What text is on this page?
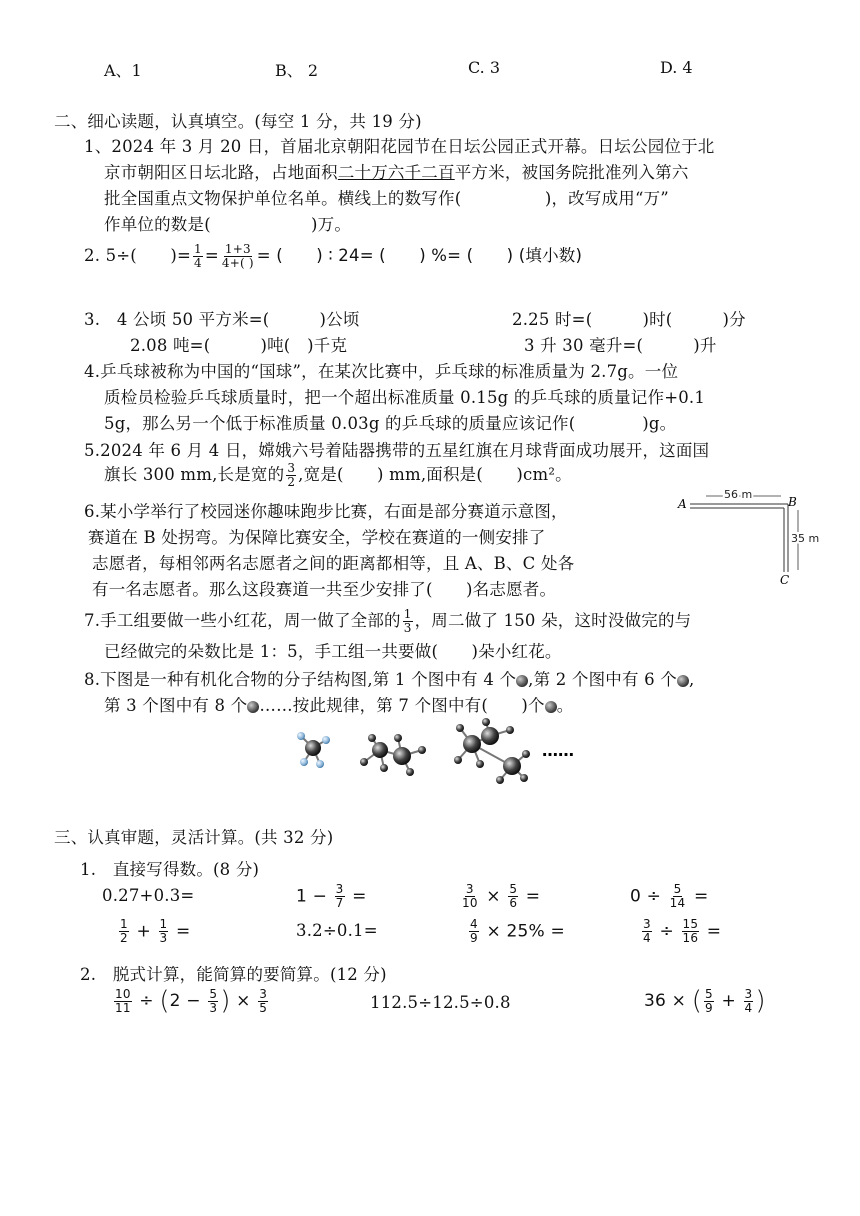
A、1	B、 2	C. 3	D. 4
二、细心读题，认真填空。(每空 1 分，共 19 分)
1、2024 年 3 月 20 日，首届北京朝阳花园节在日坛公园正式开幕。日坛公园位于北
京市朝阳区日坛北路，占地面积二十万六千二百平方米，被国务院批准列入第六
批全国重点文物保护单位名单。横线上的数写作(　　　　　)，改写成用“万”
作单位的数是(　　　　　　)万。
2. 5÷(　　)= $\frac{1}{4} = \frac{1+3}{4+( )}$ = (　　) ∶ 24= (　　) %= (　　) (填小数)
3.　4 公顷 50 平方米=(　　　)公顷	2.25 时=(　　　)时(　　　)分
2.08 吨=(　　　)吨(　)千克	3 升 30 毫升=(　　　)升
4.乒乓球被称为中国的“国球”，在某次比赛中，乒乓球的标准质量为 2.7g。一位
质检员检验乒乓球质量时，把一个超出标准质量 0.15g 的乒乓球的质量记作+0.1
5g，那么另一个低于标准质量 0.03g 的乒乓球的质量应该记作(　　　　)g。
5.2024 年 6 月 4 日，嫦娥六号着陆器携带的五星红旗在月球背面成功展开，这面国
旗长 300 mm,长是宽的 $\frac{3}{2}$ ,宽是(　　) mm,面积是(　　)cm²。
6.某小学举行了校园迷你趣味跑步比赛，右面是部分赛道示意图，
赛道在 B 处拐弯。为保障比赛安全，学校在赛道的一侧安排了
志愿者，每相邻两名志愿者之间的距离都相等，且 A、B、C 处各
有一名志愿者。那么这段赛道一共至少安排了(　　)名志愿者。
A	B
C
56 m
35 m
7.手工组要做一些小红花，周一做了全部的 $\frac{1}{3}$ ，周二做了 150 朵，这时没做完的与
已经做完的朵数比是 1：5，手工组一共要做(　　)朵小红花。
8.下图是一种有机化合物的分子结构图,第 1 个图中有 4 个 ,第 2 个图中有 6 个 ,
第 3 个图中有 8 个 ……按此规律，第 7 个图中有(　　)个 。
……
三、认真审题，灵活计算。(共 32 分)
1.　直接写得数。(8 分)
0.27+0.3=	$1 - \frac{3}{7}$ =	$\frac{3}{10} \times \frac{5}{6}$ =	$0 \div \frac{5}{14}$ =
$\frac{1}{2} + \frac{1}{3}$ =	3.2÷0.1=	$\frac{4}{9} \times 25\%$ =	$\frac{3}{4} \div \frac{15}{16}$ =
2.　脱式计算，能简算的要简算。(12 分)
$\frac{10}{11} \div (2 - \frac{5}{3}$ ) × $\frac{3}{5}$	112.5÷12.5÷0.8	36 × ( $\frac{5}{9} + \frac{3}{4}$ )
